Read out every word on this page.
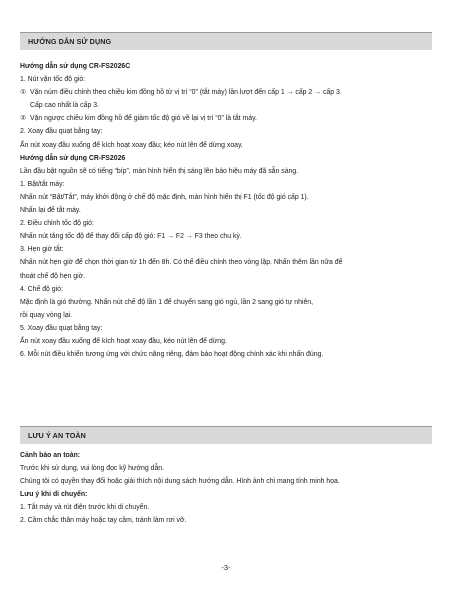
HƯỚNG DẪN SỬ DỤNG
Hướng dẫn sử dụng CR-FS2026C
1. Nút vặn tốc độ gió:
① Vặn núm điều chỉnh theo chiều kim đồng hồ từ vị trí “0” (tắt máy) lần lượt đến cấp 1 → cấp 2 → cấp 3.
Cấp cao nhất là cấp 3.
② Vặn ngược chiều kim đồng hồ để giảm tốc độ gió về lại vị trí “0” là tắt máy.
2. Xoay đầu quạt bằng tay:
Ấn nút xoay đầu xuống để kích hoạt xoay đầu; kéo nút lên để dừng xoay.
Hướng dẫn sử dụng CR-FS2026
Lần đầu bật nguồn sẽ có tiếng “bíp”, màn hình hiển thị sáng lên báo hiệu máy đã sẵn sàng.
1. Bật/tắt máy:
Nhấn nút “Bật/Tắt”, máy khởi động ở chế độ mặc định, màn hình hiển thị F1 (tốc độ gió cấp 1).
Nhấn lại để tắt máy.
2. Điều chỉnh tốc độ gió:
Nhấn nút tăng tốc độ để thay đổi cấp độ gió: F1 → F2 → F3 theo chu kỳ.
3. Hẹn giờ tắt:
Nhấn nút hẹn giờ để chọn thời gian từ 1h đến 8h. Có thể điều chỉnh theo vòng lặp. Nhấn thêm lần nữa để
thoát chế độ hẹn giờ.
4. Chế độ gió:
Mặc định là gió thường. Nhấn nút chế độ lần 1 để chuyển sang gió ngủ, lần 2 sang gió tự nhiên,
rồi quay vòng lại.
5. Xoay đầu quạt bằng tay:
Ấn nút xoay đầu xuống để kích hoạt xoay đầu, kéo nút lên để dừng.
6. Mỗi nút điều khiển tương ứng với chức năng riêng, đảm bảo hoạt động chính xác khi nhấn đúng.
LƯU Ý AN TOÀN
Cảnh báo an toàn:
Trước khi sử dụng, vui lòng đọc kỹ hướng dẫn.
Chúng tôi có quyền thay đổi hoặc giải thích nội dung sách hướng dẫn. Hình ảnh chỉ mang tính minh họa.
Lưu ý khi di chuyển:
1. Tắt máy và rút điện trước khi di chuyển.
2. Cầm chắc thân máy hoặc tay cầm, tránh làm rơi vỡ.
-3-
